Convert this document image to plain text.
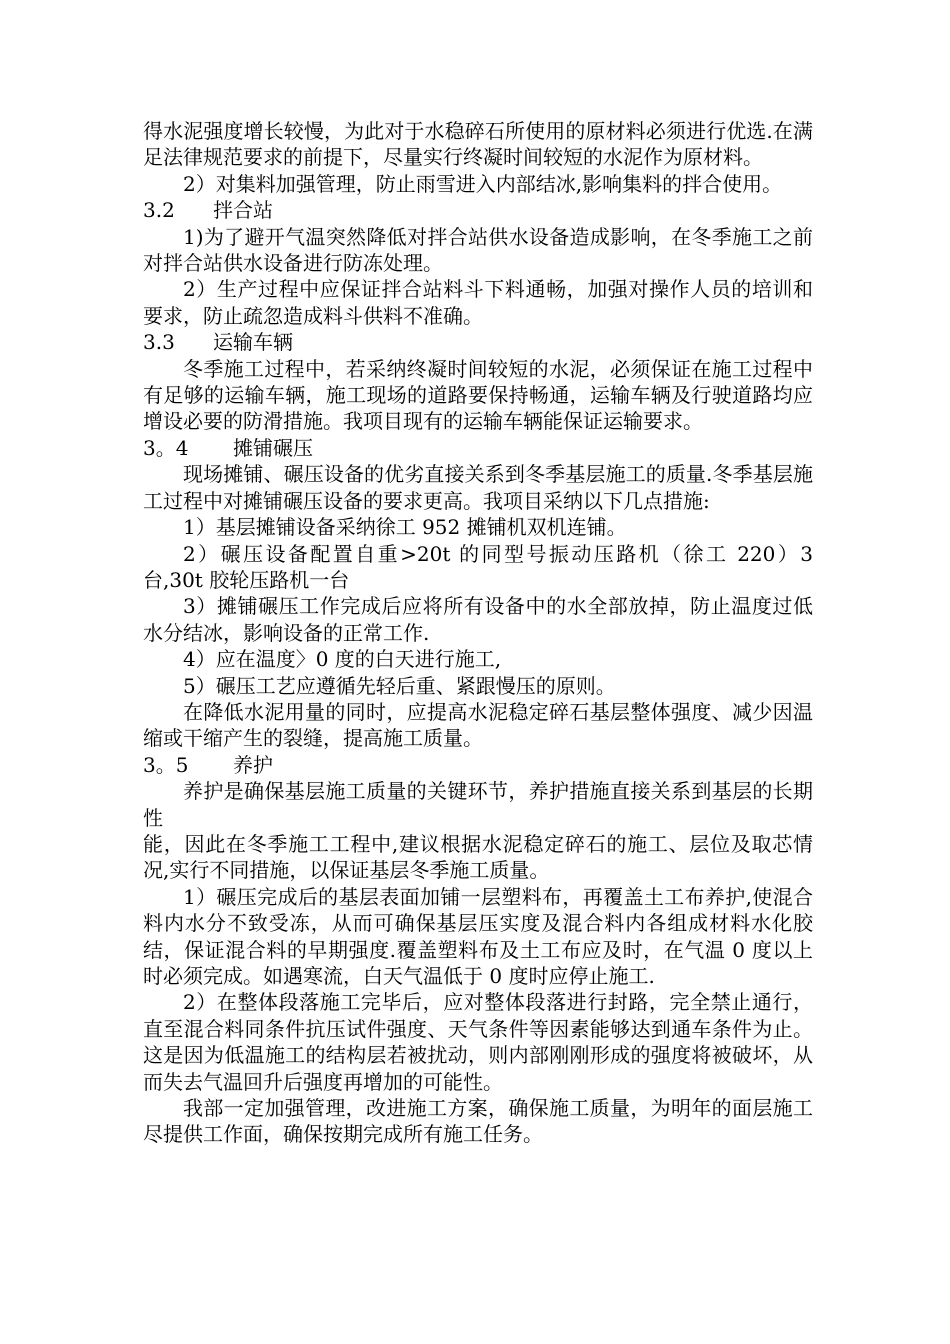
得水泥强度增长较慢，为此对于水稳碎石所使用的原材料必须进行优选.在满足法律规范要求的前提下，尽量实行终凝时间较短的水泥作为原材料。

2）对集料加强管理，防止雨雪进入内部结冰,影响集料的拌合使用。

3.2 拌合站

1)为了避开气温突然降低对拌合站供水设备造成影响，在冬季施工之前对拌合站供水设备进行防冻处理。

2）生产过程中应保证拌合站料斗下料通畅，加强对操作人员的培训和要求，防止疏忽造成料斗供料不准确。

3.3 运输车辆

冬季施工过程中，若采纳终凝时间较短的水泥，必须保证在施工过程中有足够的运输车辆，施工现场的道路要保持畅通，运输车辆及行驶道路均应增设必要的防滑措施。我项目现有的运输车辆能保证运输要求。

3。4 摊铺碾压

现场摊铺、碾压设备的优劣直接关系到冬季基层施工的质量.冬季基层施工过程中对摊铺碾压设备的要求更高。我项目采纳以下几点措施:

1）基层摊铺设备采纳徐工 952 摊铺机双机连铺。

2）碾压设备配置自重>20t 的同型号振动压路机（徐工 220）3 台,30t 胶轮压路机一台

3）摊铺碾压工作完成后应将所有设备中的水全部放掉，防止温度过低水分结冰，影响设备的正常工作.

4）应在温度〉0 度的白天进行施工,

5）碾压工艺应遵循先轻后重、紧跟慢压的原则。

在降低水泥用量的同时，应提高水泥稳定碎石基层整体强度、减少因温缩或干缩产生的裂缝，提高施工质量。

3。5 养护

养护是确保基层施工质量的关键环节，养护措施直接关系到基层的长期性

能，因此在冬季施工工程中,建议根据水泥稳定碎石的施工、层位及取芯情况,实行不同措施，以保证基层冬季施工质量。

1）碾压完成后的基层表面加铺一层塑料布，再覆盖土工布养护,使混合料内水分不致受冻，从而可确保基层压实度及混合料内各组成材料水化胶结，保证混合料的早期强度.覆盖塑料布及土工布应及时，在气温 0 度以上时必须完成。如遇寒流，白天气温低于 0 度时应停止施工.

2）在整体段落施工完毕后，应对整体段落进行封路，完全禁止通行，直至混合料同条件抗压试件强度、天气条件等因素能够达到通车条件为止。这是因为低温施工的结构层若被扰动，则内部刚刚形成的强度将被破坏，从而失去气温回升后强度再增加的可能性。

我部一定加强管理，改进施工方案，确保施工质量，为明年的面层施工尽提供工作面，确保按期完成所有施工任务。
